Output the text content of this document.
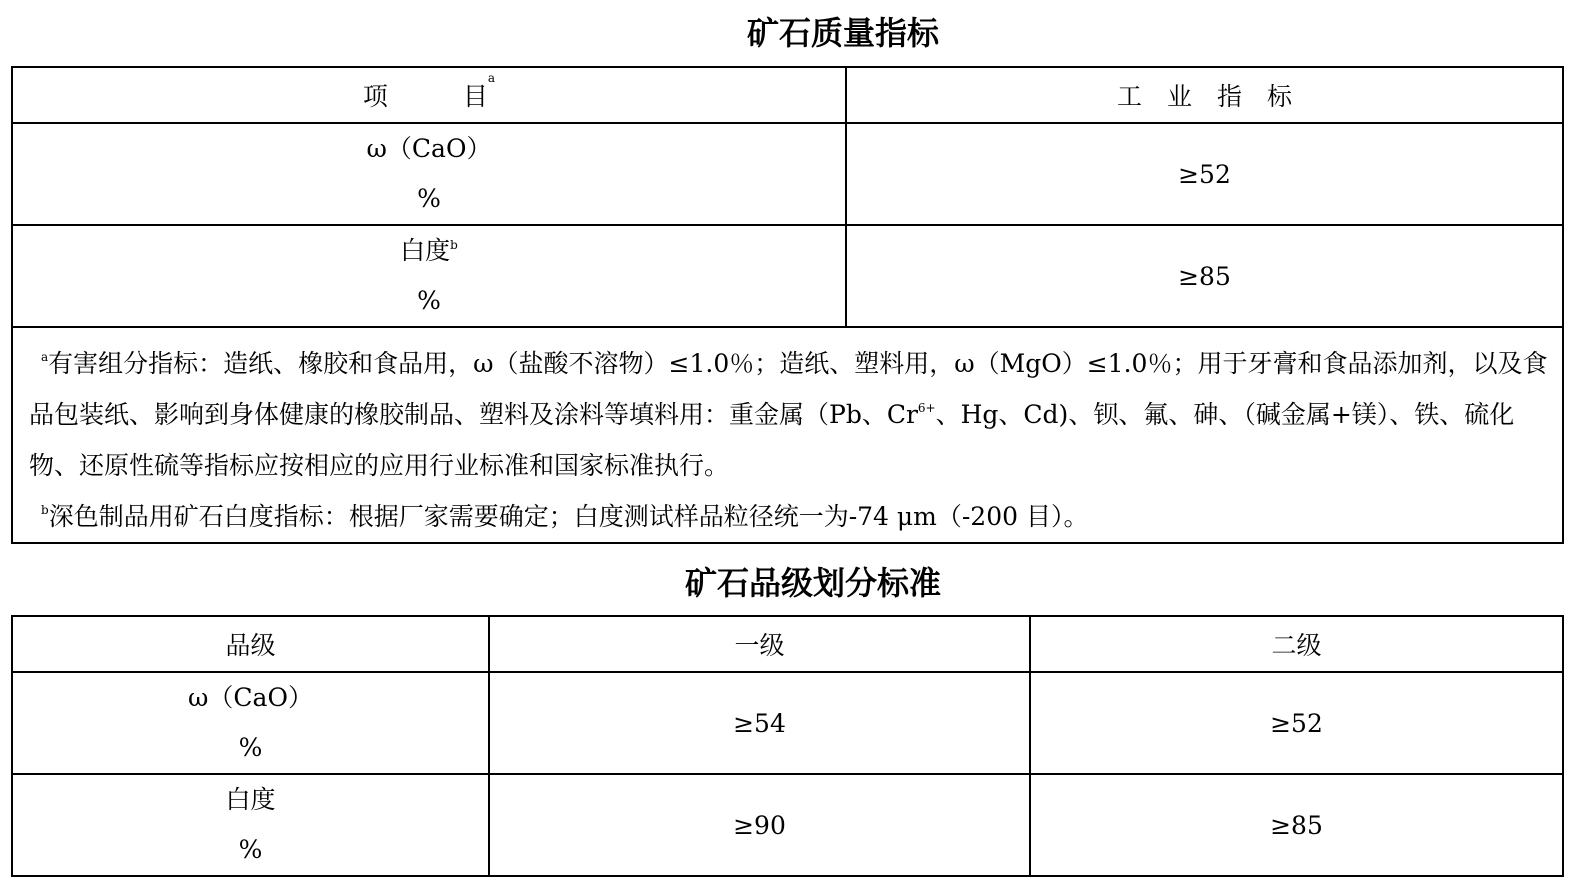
矿石质量指标
项　　　目$^a$	工　业　指　标

ω（CaO）
%	≥52

白度$^b$
%	≥85

$^a$有害组分指标：造纸、橡胶和食品用，ω（盐酸不溶物）≤1.0％；造纸、塑料用，ω（MgO）≤1.0％；用于牙膏和食品添加剂，以及食品包装纸、影响到身体健康的橡胶制品、塑料及涂料等填料用：重金属（Pb、$Cr^{6+}$、Hg、Cd)、钡、氟、砷、（碱金属+镁）、铁、硫化物、还原性硫等指标应按相应的应用行业标准和国家标准执行。

$^b$深色制品用矿石白度指标：根据厂家需要确定；白度测试样品粒径统一为-74 μm（-200 目）。	

矿石品级划分标准
品级	一级	二级

ω（CaO）
%	≥54	≥52

白度
%	≥90	≥85
